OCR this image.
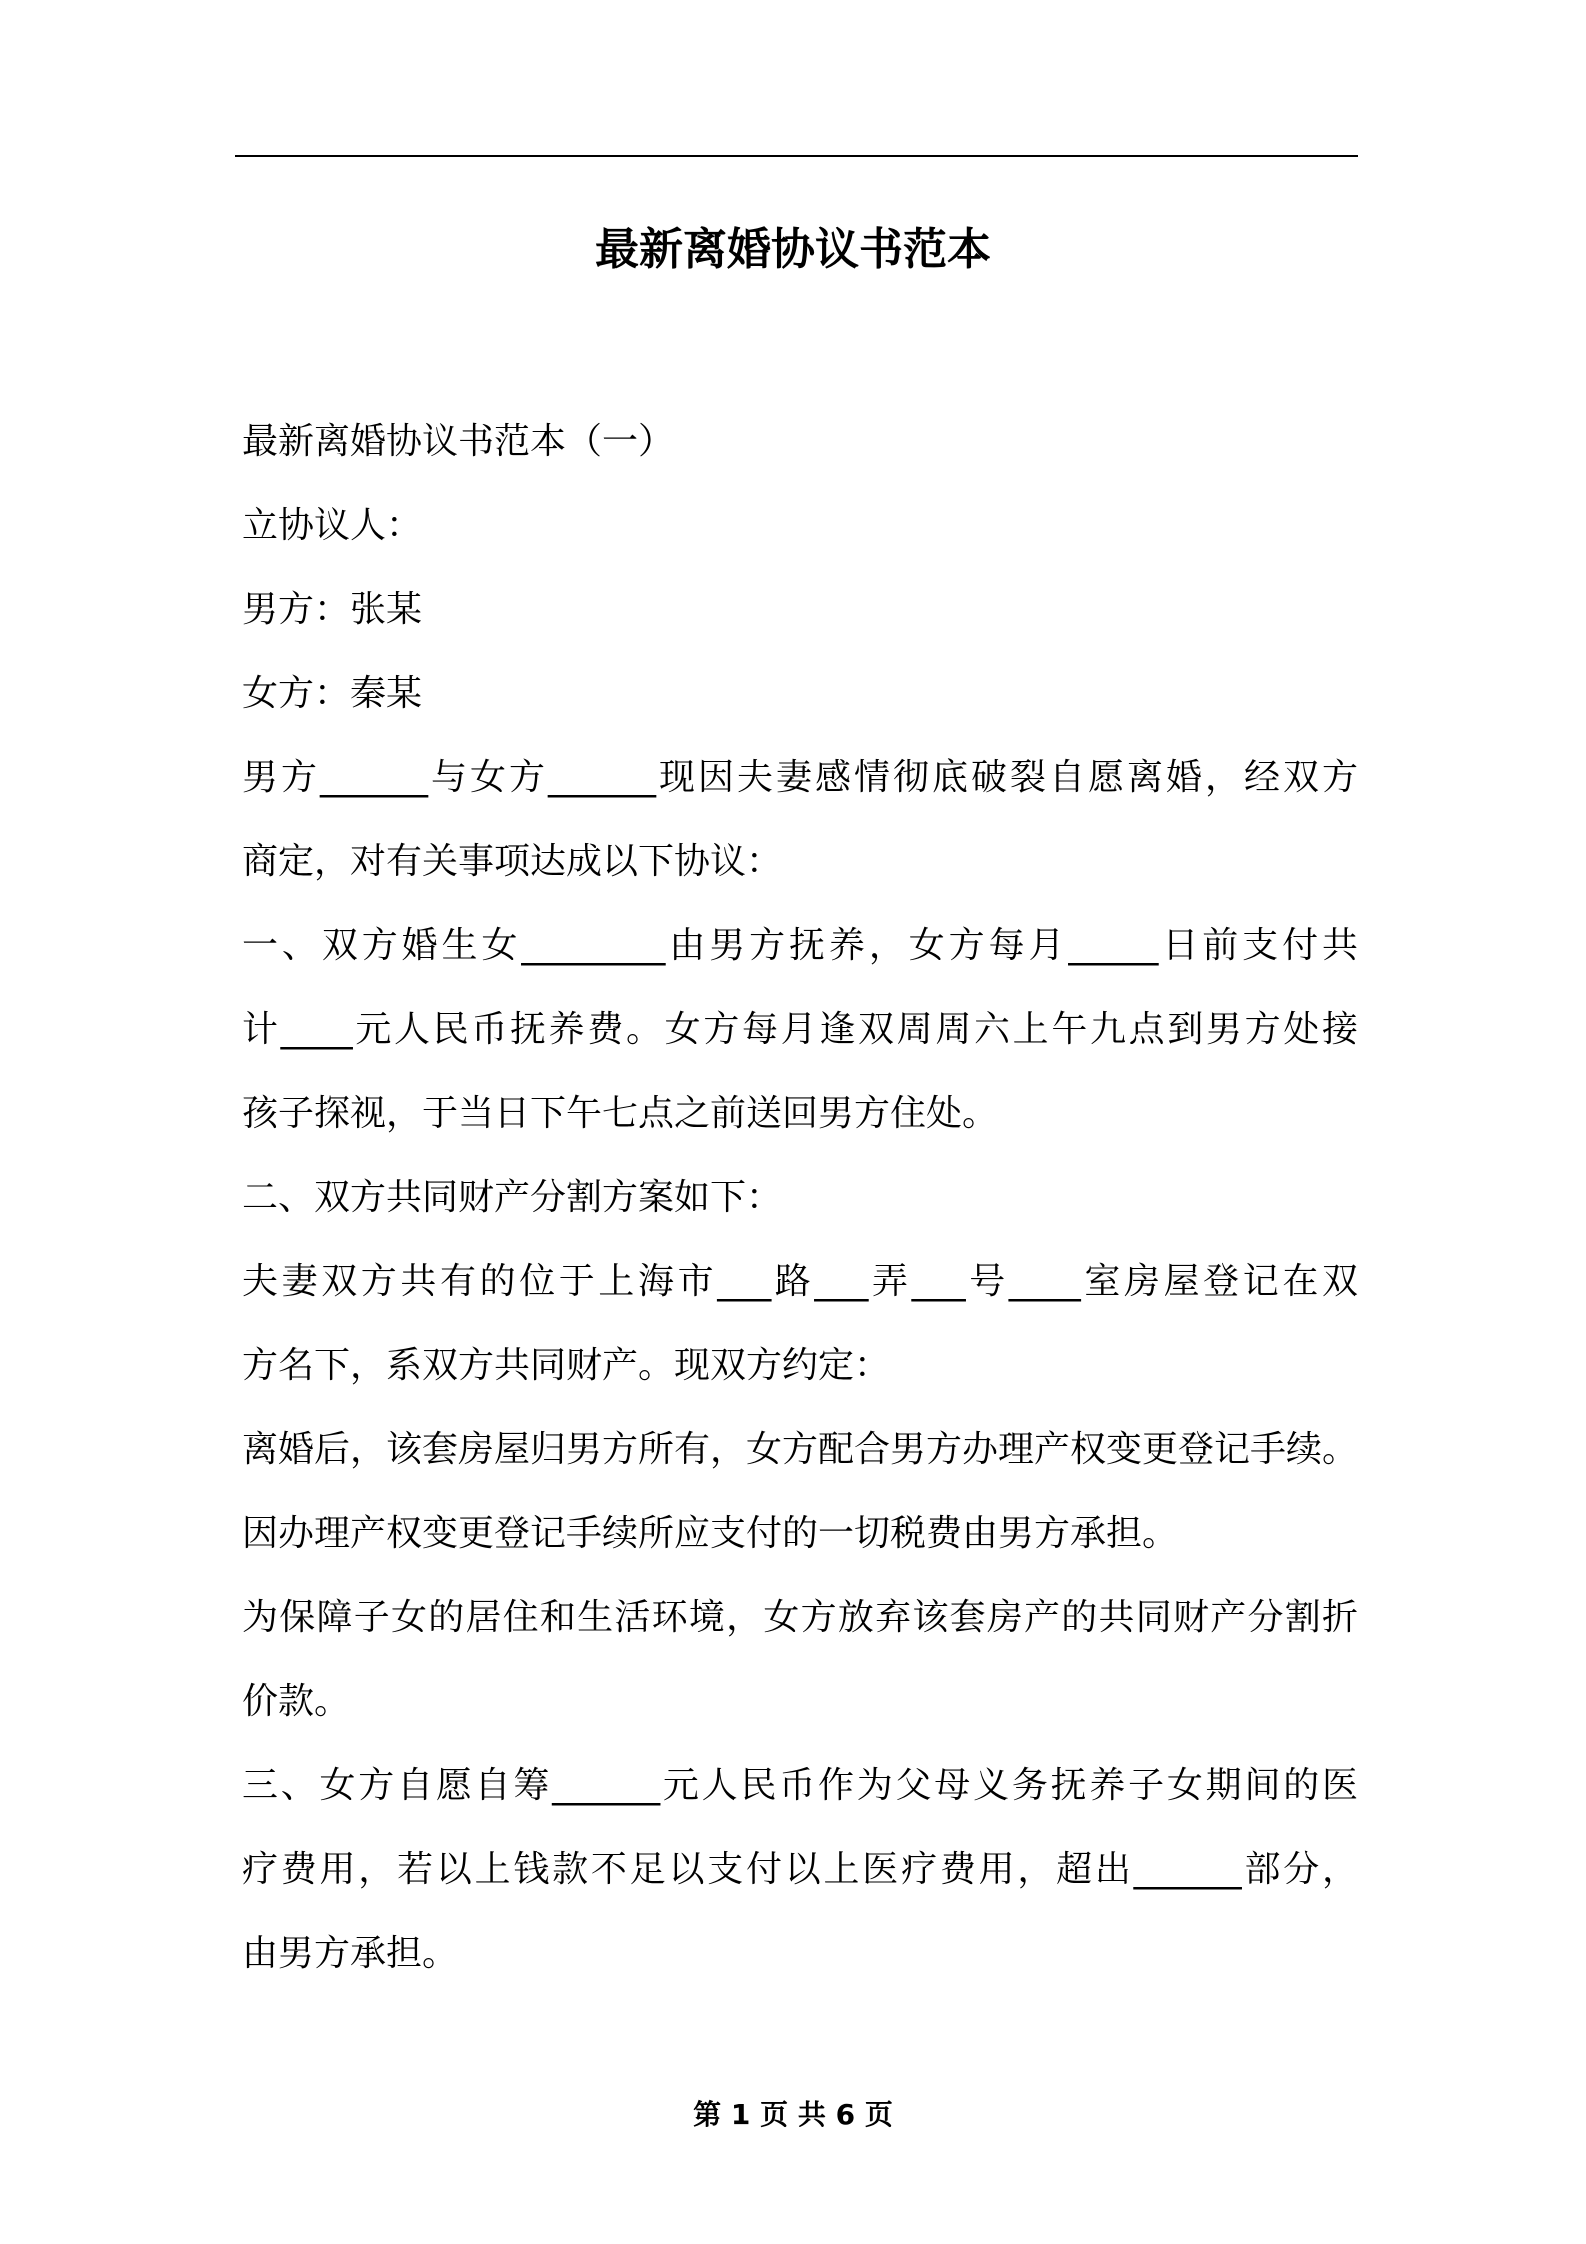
最新离婚协议书范本

最新离婚协议书范本（一）

立协议人：

男方：张某

女方：秦某

男方______与女方______现因夫妻感情彻底破裂自愿离婚，经双方

商定，对有关事项达成以下协议：

一、双方婚生女________由男方抚养，女方每月_____日前支付共

计____元人民币抚养费。女方每月逢双周周六上午九点到男方处接

孩子探视，于当日下午七点之前送回男方住处。

二、双方共同财产分割方案如下：

夫妻双方共有的位于上海市___路___弄___号____室房屋登记在双

方名下，系双方共同财产。现双方约定：

离婚后，该套房屋归男方所有，女方配合男方办理产权变更登记手续。

因办理产权变更登记手续所应支付的一切税费由男方承担。

为保障子女的居住和生活环境，女方放弃该套房产的共同财产分割折

价款。

三、女方自愿自筹______元人民币作为父母义务抚养子女期间的医

疗费用，若以上钱款不足以支付以上医疗费用，超出______部分，

由男方承担。

第 1 页 共 6 页
